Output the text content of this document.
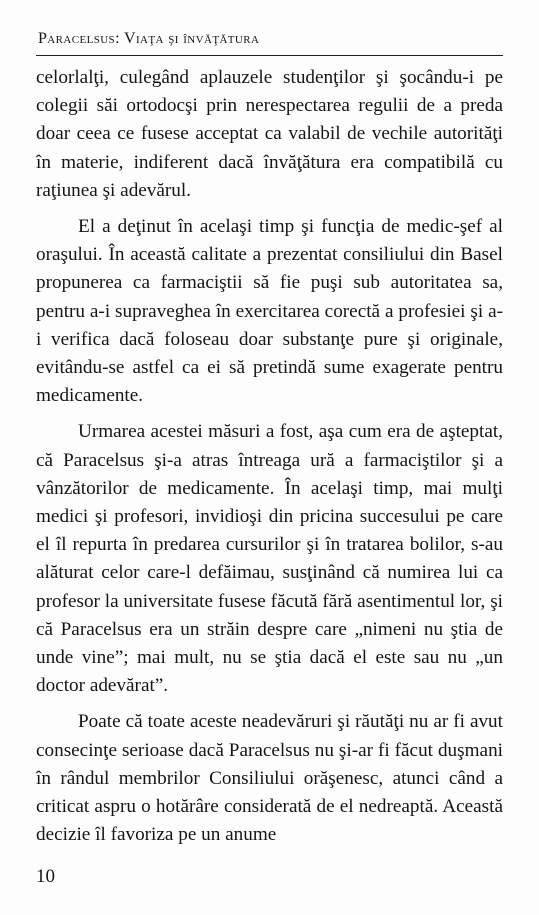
Paracelsus: Viaţa şi învăţătura

celorlalţi, culegând aplauzele studenţilor şi şocându-i pe colegii săi ortodocşi prin nerespectarea regulii de a preda doar ceea ce fusese acceptat ca valabil de vechile autorităţi în materie, indiferent dacă învăţătura era compatibilă cu raţiunea şi adevărul.

El a deţinut în acelaşi timp şi funcţia de medic-şef al oraşului. În această calitate a prezentat consiliului din Basel propunerea ca farmaciştii să fie puşi sub autoritatea sa, pentru a-i supraveghea în exercitarea corectă a profesiei şi a-i verifica dacă foloseau doar substanţe pure şi originale, evitându-se astfel ca ei să pretindă sume exagerate pentru medicamente.

Urmarea acestei măsuri a fost, aşa cum era de aşteptat, că Paracelsus şi-a atras întreaga ură a farmaciştilor şi a vânzătorilor de medicamente. În acelaşi timp, mai mulţi medici şi profesori, invidioşi din pricina succesului pe care el îl repurta în predarea cursurilor şi în tratarea bolilor, s-au alăturat celor care-l defăimau, susţinând că numirea lui ca profesor la universitate fusese făcută fără asentimentul lor, şi că Paracelsus era un străin despre care „nimeni nu ştia de unde vine”; mai mult, nu se ştia dacă el este sau nu „un doctor adevărat”.

Poate că toate aceste neadevăruri şi răutăţi nu ar fi avut consecinţe serioase dacă Paracelsus nu şi-ar fi făcut duşmani în rândul membrilor Consiliului orăşenesc, atunci când a criticat aspru o hotărâre considerată de el nedreaptă. Această decizie îl favoriza pe un anume

10
